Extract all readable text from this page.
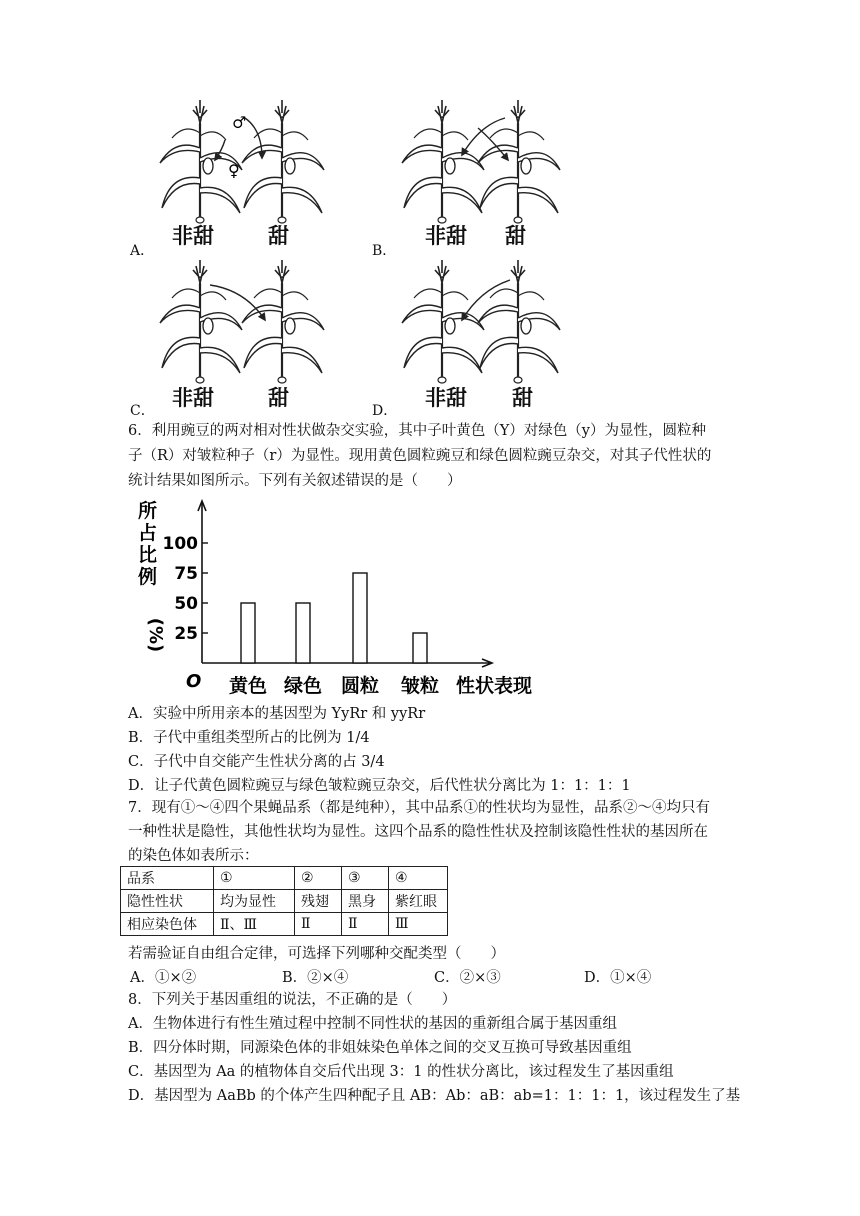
♂
♀
非甜	甜	非甜 甜
非甜	甜	非甜 甜
A．	B．
C．	D．
6．利用豌豆的两对相对性状做杂交实验，其中子叶黄色（Y）对绿色（y）为显性，圆粒种
子（R）对皱粒种子（r）为显性。现用黄色圆粒豌豆和绿色圆粒豌豆杂交，对其子代性状的
统计结果如图所示。下列有关叙述错误的是（　　）
所
占
比
例
(%)
O
25
50
75
100
黄色 绿色 圆粒 皱粒 性状表现
A．实验中所用亲本的基因型为 YyRr 和 yyRr
B．子代中重组类型所占的比例为 1/4
C．子代中自交能产生性状分离的占 3/4
D．让子代黄色圆粒豌豆与绿色皱粒豌豆杂交，后代性状分离比为 1：1：1：1
7．现有①～④四个果蝇品系（都是纯种），其中品系①的性状均为显性，品系②～④均只有
一种性状是隐性，其他性状均为显性。这四个品系的隐性性状及控制该隐性性状的基因所在
的染色体如表所示：
品系	①	②	③	④
隐性性状	均为显性	残翅	黑身	紫红眼
相应染色体	Ⅱ、Ⅲ	Ⅱ	Ⅱ	Ⅲ
若需验证自由组合定律，可选择下列哪种交配类型（　　）
A．①×②	B．②×④	C．②×③	D．①×④
8．下列关于基因重组的说法，不正确的是（　　）
A．生物体进行有性生殖过程中控制不同性状的基因的重新组合属于基因重组
B．四分体时期，同源染色体的非姐妹染色单体之间的交叉互换可导致基因重组
C．基因型为 Aa 的植物体自交后代出现 3：1 的性状分离比，该过程发生了基因重组
D．基因型为 AaBb 的个体产生四种配子且 AB：Ab：aB：ab=1：1：1：1，该过程发生了基
